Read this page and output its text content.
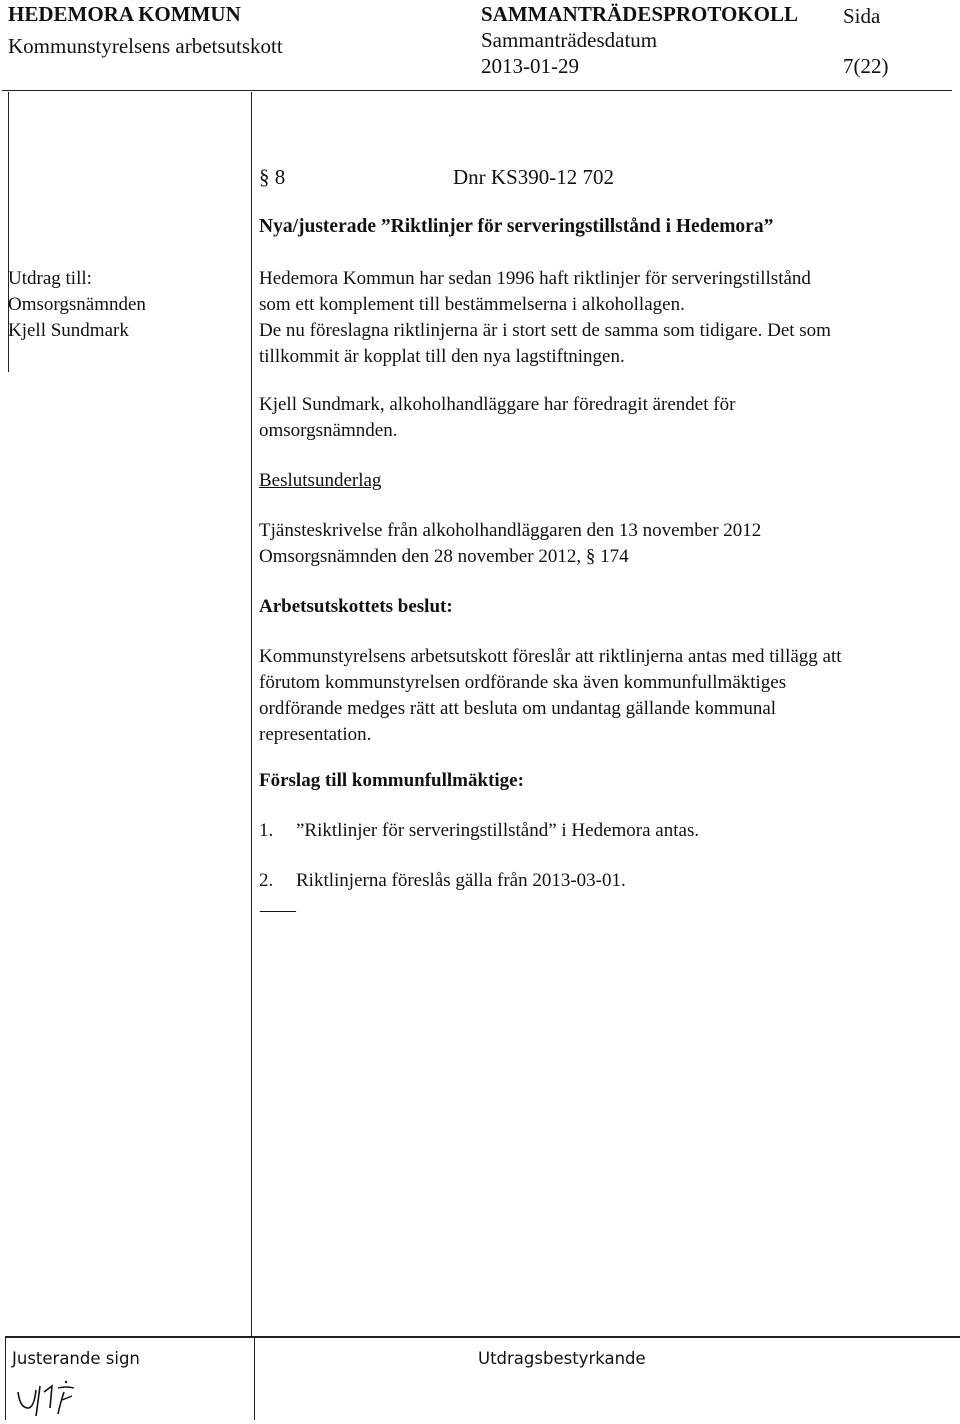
HEDEMORA KOMMUN
Kommunstyrelsens arbetsutskott
SAMMANTRÄDESPROTOKOLL
Sammanträdesdatum
2013-01-29
Sida
7(22)
§ 8	Dnr KS390-12 702
Nya/justerade ”Riktlinjer för serveringstillstånd i Hedemora”
Utdrag till:
Omsorgsnämnden
Kjell Sundmark
Hedemora Kommun har sedan 1996 haft riktlinjer för serveringstillstånd
som ett komplement till bestämmelserna i alkohollagen.
De nu föreslagna riktlinjerna är i stort sett de samma som tidigare. Det som
tillkommit är kopplat till den nya lagstiftningen.
Kjell Sundmark, alkoholhandläggare har föredragit ärendet för
omsorgsnämnden.
Beslutsunderlag
Tjänsteskrivelse från alkoholhandläggaren den 13 november 2012
Omsorgsnämnden den 28 november 2012, § 174
Arbetsutskottets beslut:
Kommunstyrelsens arbetsutskott föreslår att riktlinjerna antas med tillägg att
förutom kommunstyrelsen ordförande ska även kommunfullmäktiges
ordförande medges rätt att besluta om undantag gällande kommunal
representation.
Förslag till kommunfullmäktige:
1. ”Riktlinjer för serveringstillstånd” i Hedemora antas.
2. Riktlinjerna föreslås gälla från 2013-03-01.
——
Justerande sign	Utdragsbestyrkande
